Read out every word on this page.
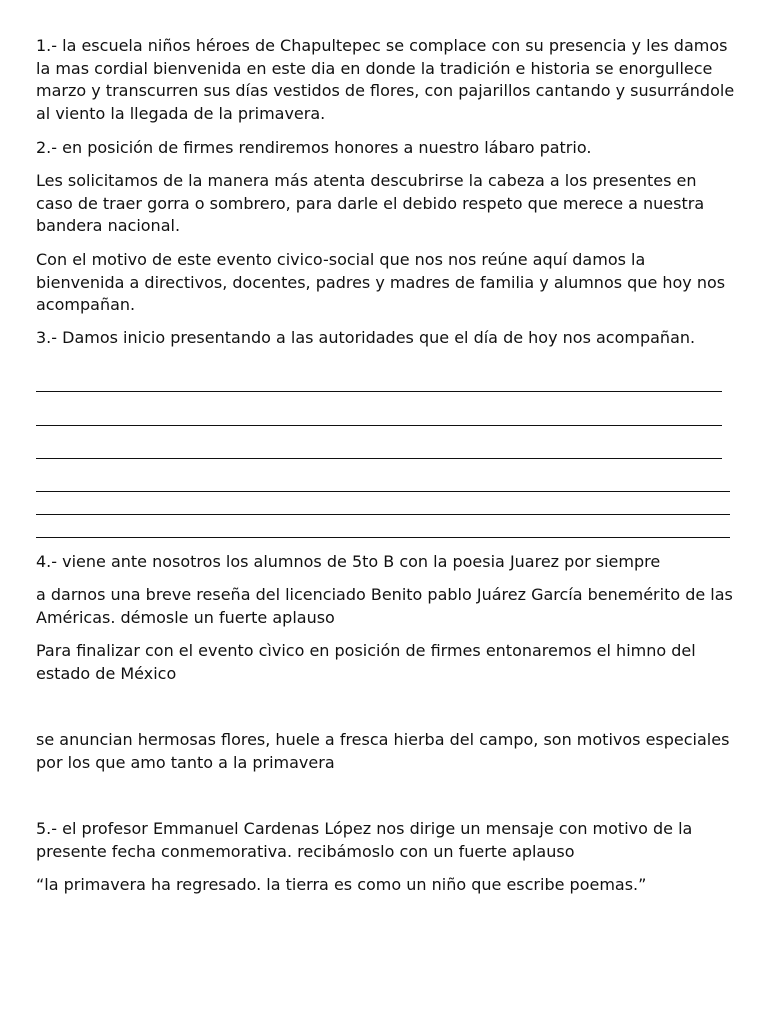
1.- la escuela niños héroes de Chapultepec se complace con su presencia y les damos la mas cordial bienvenida en este dia en donde la tradición e historia se enorgullece marzo y transcurren sus días vestidos de flores, con pajarillos cantando y susurrándole al viento la llegada de la primavera.

2.- en posición de firmes rendiremos honores a nuestro lábaro patrio.

Les solicitamos de la manera más atenta descubrirse la cabeza a los presentes en caso de traer gorra o sombrero, para darle el debido respeto que merece a nuestra bandera nacional.

Con el motivo de este evento civico-social que nos nos reúne aquí damos la bienvenida a directivos, docentes, padres y madres de familia y alumnos que hoy nos acompañan.

3.- Damos inicio presentando a las autoridades que el día de hoy nos acompañan.

4.- viene ante nosotros los alumnos de 5to B con la poesia Juarez por siempre

a darnos una breve reseña del licenciado Benito pablo Juárez García benemérito de las Américas. démosle un fuerte aplauso

Para finalizar con el evento cìvico en posición de firmes entonaremos el himno del estado de México

se anuncian hermosas flores, huele a fresca hierba del campo, son motivos especiales por los que amo tanto a la primavera

5.- el profesor Emmanuel Cardenas López nos dirige un mensaje con motivo de la presente fecha conmemorativa. recibámoslo con un fuerte aplauso

“la primavera ha regresado. la tierra es como un niño que escribe poemas.”
